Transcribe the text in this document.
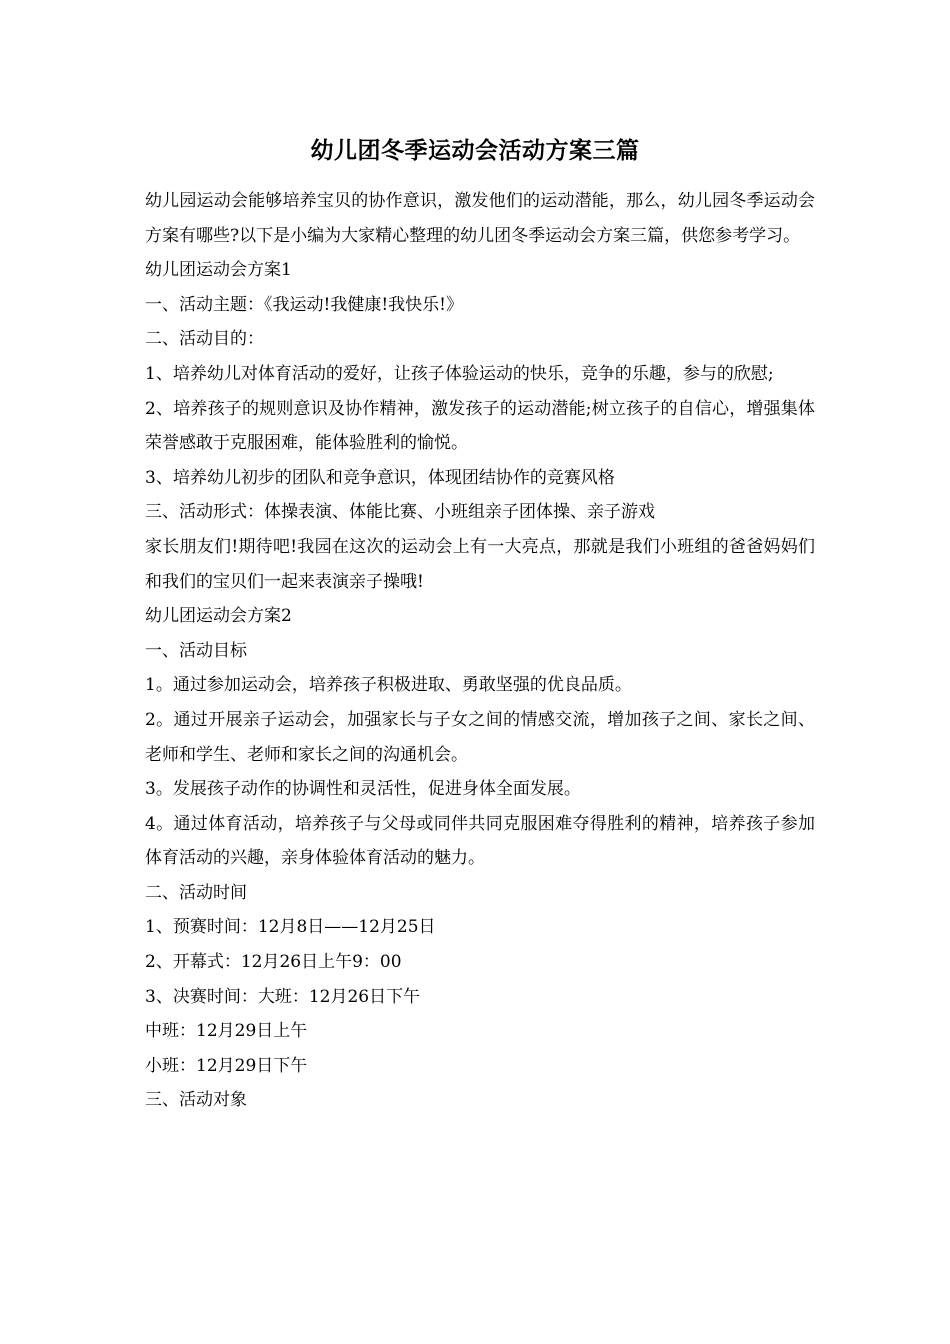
幼儿团冬季运动会活动方案三篇

幼儿园运动会能够培养宝贝的协作意识，激发他们的运动潜能，那么，幼儿园冬季运动会方案有哪些?以下是小编为大家精心整理的幼儿团冬季运动会方案三篇，供您参考学习。

幼儿团运动会方案1

一、活动主题：《我运动!我健康!我快乐!》

二、活动目的：

1、培养幼儿对体育活动的爱好，让孩子体验运动的快乐，竞争的乐趣，参与的欣慰;

2、培养孩子的规则意识及协作精神，激发孩子的运动潜能;树立孩子的自信心，增强集体荣誉感敢于克服困难，能体验胜利的愉悦。

3、培养幼儿初步的团队和竞争意识，体现团结协作的竞赛风格

三、活动形式：体操表演、体能比赛、小班组亲子团体操、亲子游戏

家长朋友们!期待吧!我园在这次的运动会上有一大亮点，那就是我们小班组的爸爸妈妈们和我们的宝贝们一起来表演亲子操哦!

幼儿团运动会方案2

一、活动目标

1。通过参加运动会，培养孩子积极进取、勇敢坚强的优良品质。

2。通过开展亲子运动会，加强家长与子女之间的情感交流，增加孩子之间、家长之间、老师和学生、老师和家长之间的沟通机会。

3。发展孩子动作的协调性和灵活性，促进身体全面发展。

4。通过体育活动，培养孩子与父母或同伴共同克服困难夺得胜利的精神，培养孩子参加体育活动的兴趣，亲身体验体育活动的魅力。

二、活动时间

1、预赛时间：12月8日——12月25日

2、开幕式：12月26日上午9：00

3、决赛时间：大班：12月26日下午

中班：12月29日上午

小班：12月29日下午

三、活动对象
